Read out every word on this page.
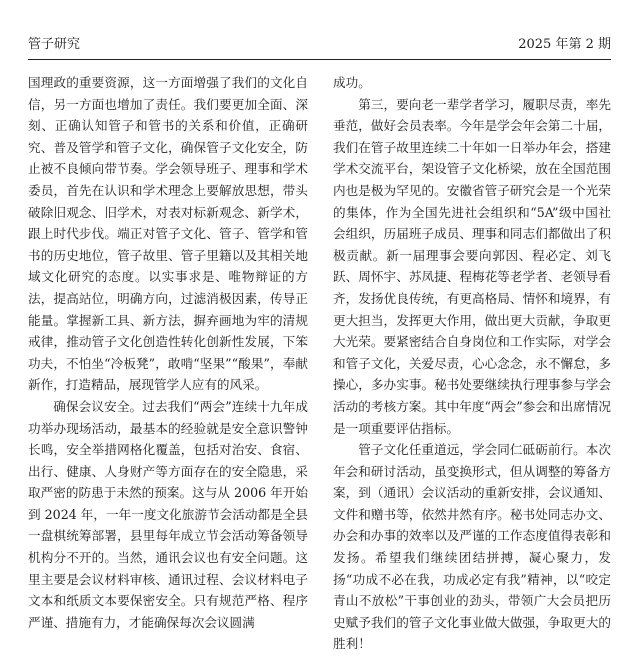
管子研究	2025 年第 2 期

国理政的重要资源，这一方面增强了我们的文化自信，另一方面也增加了责任。我们要更加全面、深刻、正确认知管子和管书的关系和价值，正确研究、普及管学和管子文化，确保管子文化安全，防止被不良倾向带节奏。学会领导班子、理事和学术委员，首先在认识和学术理念上要解放思想，带头破除旧观念、旧学术，对表对标新观念、新学术，跟上时代步伐。端正对管子文化、管子、管学和管书的历史地位，管子故里、管子里籍以及其相关地域文化研究的态度。以实事求是、唯物辩证的方法，提高站位，明确方向，过滤消极因素，传导正能量。掌握新工具、新方法，摒弃画地为牢的清规戒律，推动管子文化创造性转化创新性发展，下笨功夫，不怕坐“冷板凳”，敢啃“坚果”“酸果”，奉献新作，打造精品，展现管学人应有的风采。

确保会议安全。过去我们“两会”连续十九年成功举办现场活动，最基本的经验就是安全意识警钟长鸣，安全举措网格化覆盖，包括对治安、食宿、出行、健康、人身财产等方面存在的安全隐患，采取严密的防患于未然的预案。这与从 2006 年开始到 2024 年，一年一度文化旅游节会活动都是全县一盘棋统筹部署，县里每年成立节会活动筹备领导机构分不开的。当然，通讯会议也有安全问题。这里主要是会议材料审核、通讯过程、会议材料电子文本和纸质文本要保密安全。只有规范严格、程序严谨、措施有力，才能确保每次会议圆满

成功。

第三，要向老一辈学者学习，履职尽责，率先垂范，做好会员表率。今年是学会年会第二十届，我们在管子故里连续二十年如一日举办年会，搭建学术交流平台，架设管子文化桥梁，放在全国范围内也是极为罕见的。安徽省管子研究会是一个光荣的集体，作为全国先进社会组织和“5A”级中国社会组织，历届班子成员、理事和同志们都做出了积极贡献。新一届理事会要向郭因、程必定、刘飞跃、周怀宇、苏凤捷、程梅花等老学者、老领导看齐，发扬优良传统，有更高格局、情怀和境界，有更大担当，发挥更大作用，做出更大贡献，争取更大光荣。要紧密结合自身岗位和工作实际，对学会和管子文化，关爱尽责，心心念念，永不懈怠，多操心，多办实事。秘书处要继续执行理事参与学会活动的考核方案。其中年度“两会”参会和出席情况是一项重要评估指标。

管子文化任重道远，学会同仁砥砺前行。本次年会和研讨活动，虽变换形式，但从调整的筹备方案，到（通讯）会议活动的重新安排，会议通知、文件和赠书等，依然井然有序。秘书处同志办文、办会和办事的效率以及严谨的工作态度值得表彰和发扬。希望我们继续团结拼搏，凝心聚力，发扬“功成不必在我，功成必定有我”精神，以“咬定青山不放松”干事创业的劲头，带领广大会员把历史赋予我们的管子文化事业做大做强，争取更大的胜利！
